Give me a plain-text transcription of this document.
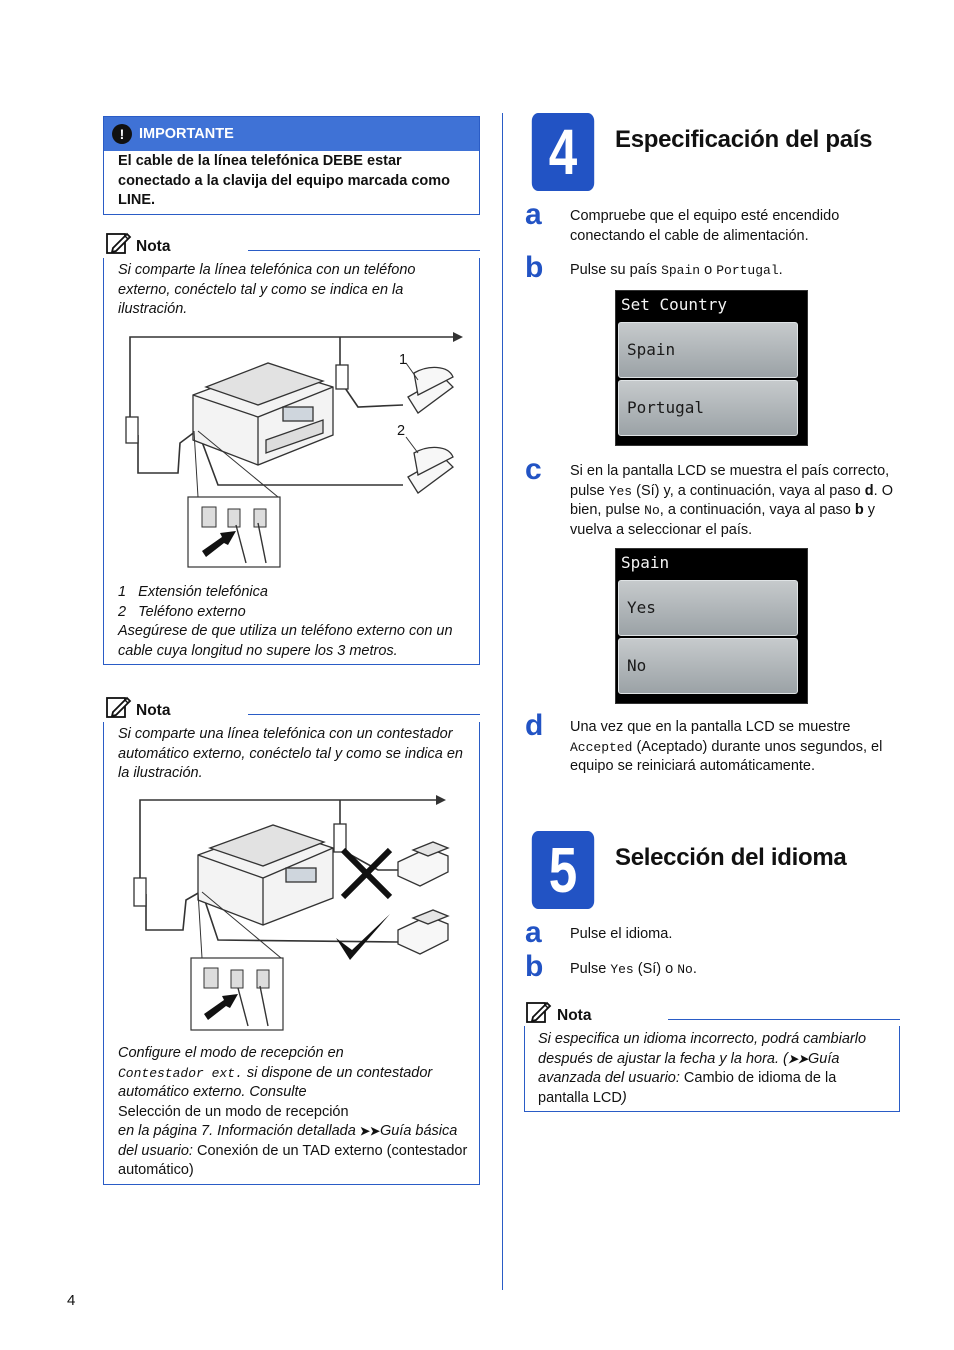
!	IMPORTANTE
El cable de la línea telefónica DEBE estar conectado a la clavija del equipo marcada como LINE.
Nota
Si comparte la línea telefónica con un teléfono externo, conéctelo tal y como se indica en la ilustración.
1
2
1   Extensión telefónica
2   Teléfono externo
Asegúrese de que utiliza un teléfono externo con un cable cuya longitud no supere los 3 metros.
Nota
Si comparte una línea telefónica con un contestador automático externo, conéctelo tal y como se indica en la ilustración.
Configure el modo de recepción en
Contestador ext. si dispone de un contestador automático externo. Consulte
Selección de un modo de recepción
en la página 7. Información detallada ➤➤Guía básica del usuario: Conexión de un TAD externo (contestador automático)
4	Especificación del país
a Compruebe que el equipo esté encendido conectando el cable de alimentación.
b Pulse su país Spain o Portugal.
Set Country
Spain
Portugal
c Si en la pantalla LCD se muestra el país correcto, pulse Yes (Sí) y, a continuación, vaya al paso d. O bien, pulse No, a continuación, vaya al paso b y vuelva a seleccionar el país.
Spain
Yes
No
d Una vez que en la pantalla LCD se muestre Accepted (Aceptado) durante unos segundos, el equipo se reiniciará automáticamente.
5	Selección del idioma
a Pulse el idioma.
b Pulse Yes (Sí) o No.
Nota
Si especifica un idioma incorrecto, podrá cambiarlo después de ajustar la fecha y la hora. (➤➤Guía avanzada del usuario: Cambio de idioma de la pantalla LCD)
4
